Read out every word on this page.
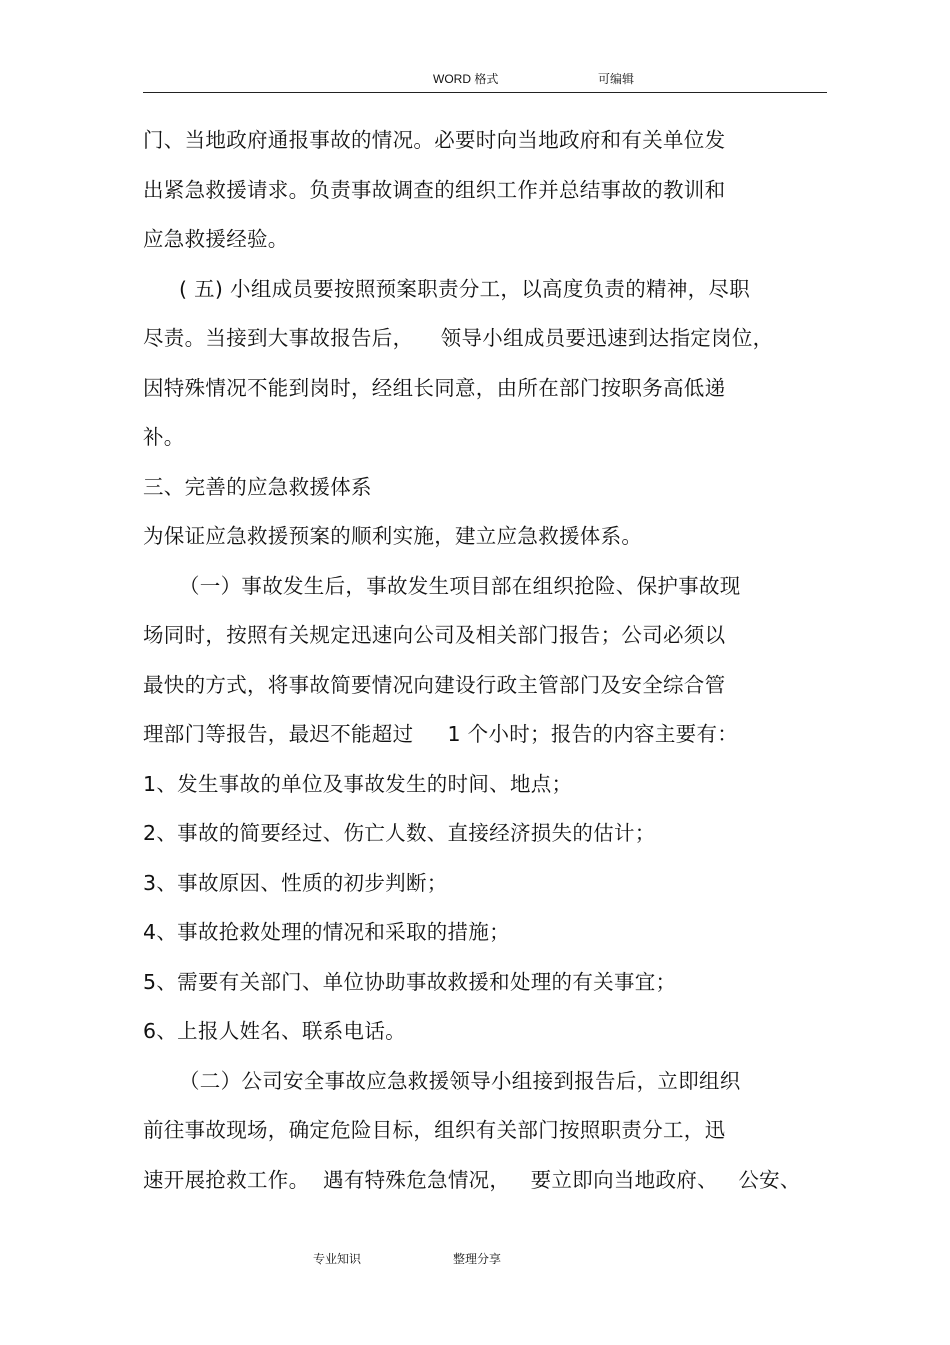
WORD 格式	可编辑
门、当地政府通报事故的情况。必要时向当地政府和有关单位发
出紧急救援请求。负责事故调查的组织工作并总结事故的教训和
应急救援经验。
( 五) 小组成员要按照预案职责分工，以高度负责的精神，尽职
尽责。当接到大事故报告后，    领导小组成员要迅速到达指定岗位，
因特殊情况不能到岗时，经组长同意，由所在部门按职务高低递
补。
三、完善的应急救援体系
为保证应急救援预案的顺利实施，建立应急救援体系。
（一）事故发生后，事故发生项目部在组织抢险、保护事故现
场同时，按照有关规定迅速向公司及相关部门报告；公司必须以
最快的方式，将事故简要情况向建设行政主管部门及安全综合管
理部门等报告，最迟不能超过     1 个小时；报告的内容主要有：
1、发生事故的单位及事故发生的时间、地点；
2、事故的简要经过、伤亡人数、直接经济损失的估计；
3、事故原因、性质的初步判断；
4、事故抢救处理的情况和采取的措施；
5、需要有关部门、单位协助事故救援和处理的有关事宜；
6、上报人姓名、联系电话。
（二）公司安全事故应急救援领导小组接到报告后，立即组织
前往事故现场，确定危险目标，组织有关部门按照职责分工，迅
速开展抢救工作。  遇有特殊危急情况，   要立即向当地政府、   公安、
专业知识	整理分享
